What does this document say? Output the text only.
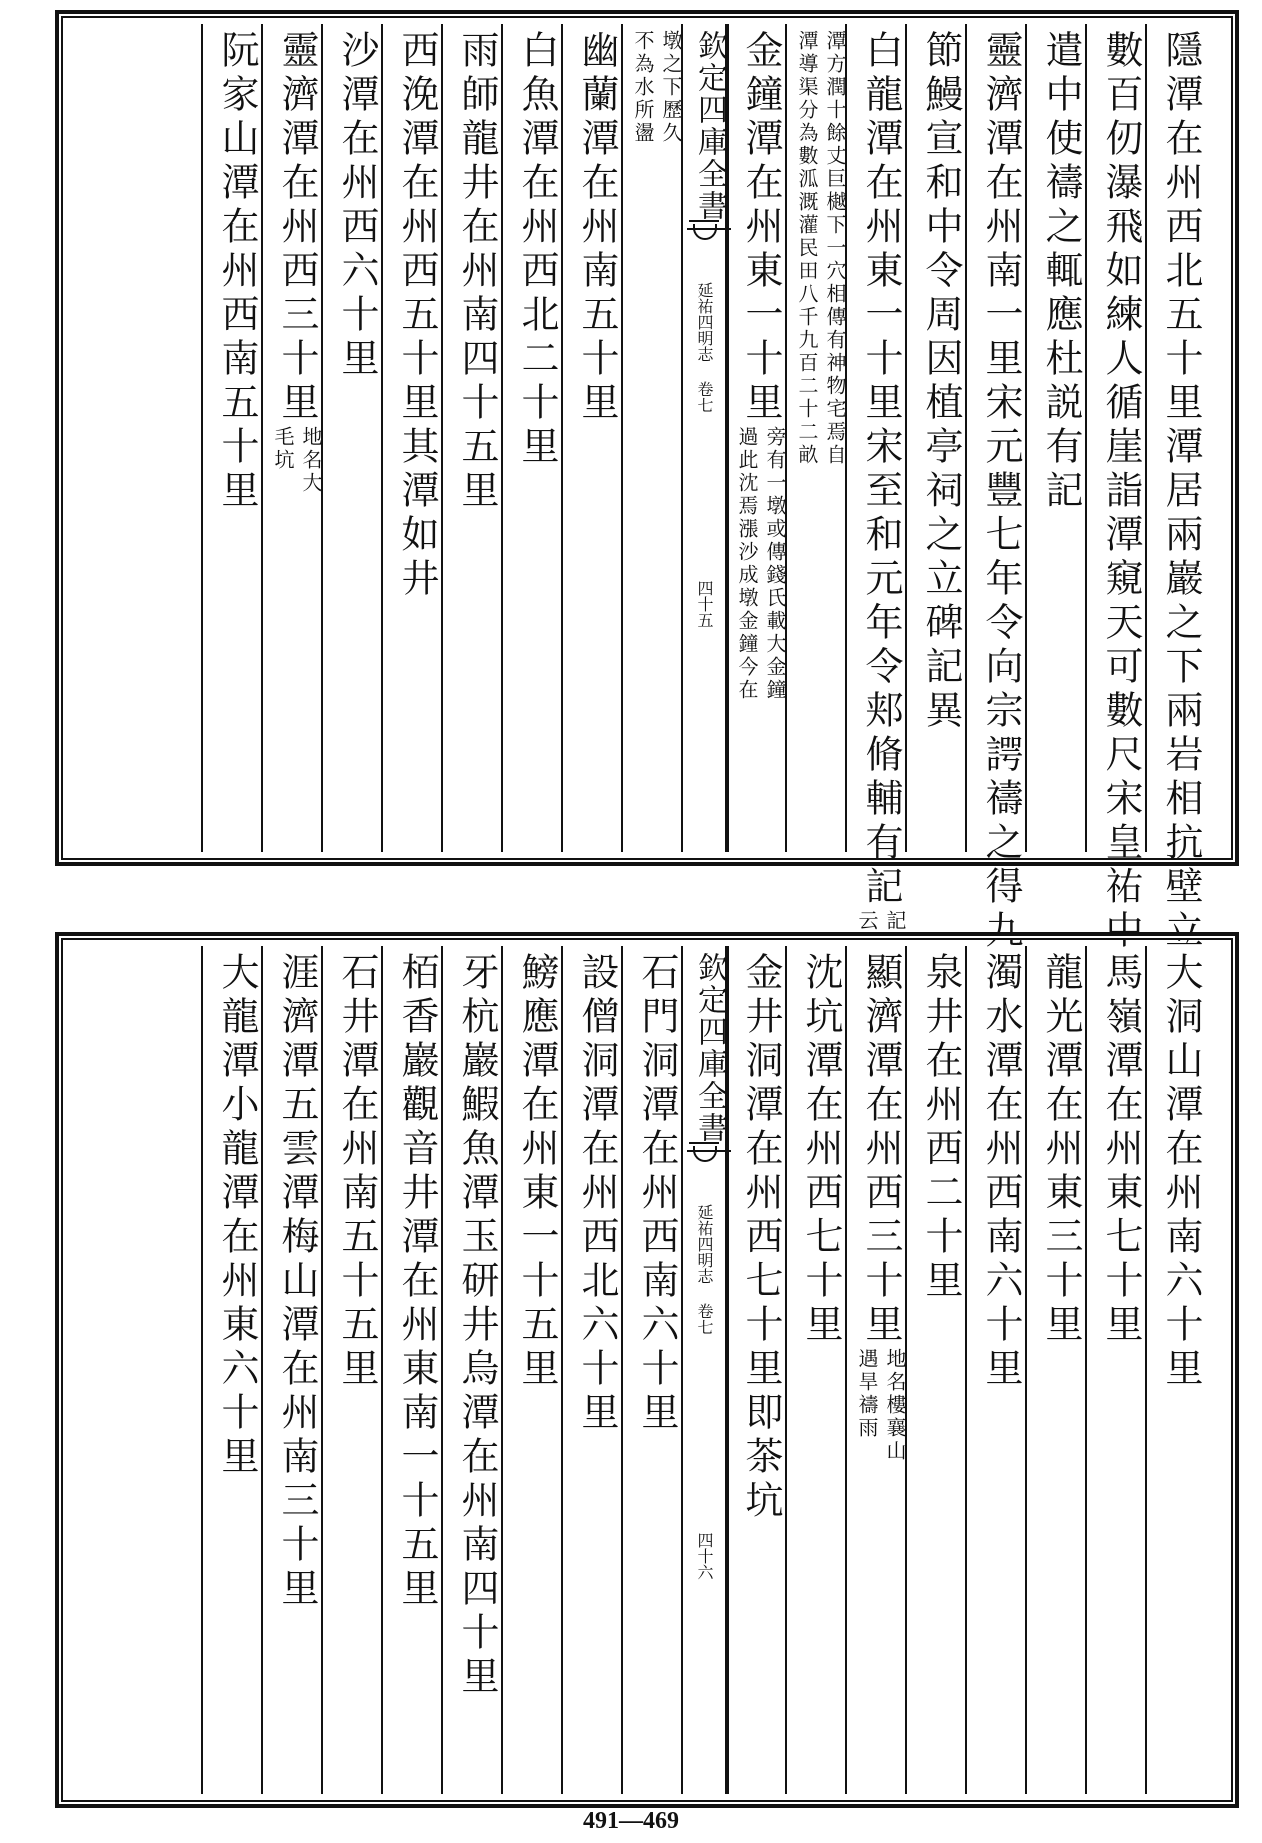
隱潭在州西北五十里潭居兩巖之下兩岩相抗壁立
數百仞瀑飛如練人循崖詣潭窺天可數尺宋皇祐中
遣中使禱之輒應杜説有記
靈濟潭在州南一里宋元豐七年令向宗諤禱之得九
節鰻宣和中令周因植亭祠之立碑記異
白龍潭在州東一十里宋至和元年令郏脩輔有記
記
云
潭方潤十餘丈巨樾下一穴相傳有神物宅焉自
潭導渠分為數泒溉灌民田八千九百二十二畝
金鐘潭在州東一十里
旁有一墩或傳錢氏載大金鐘
過此沈焉漲沙成墩金鐘今在
欽定四庫全書
延祐四明志 卷七
四十五
墩之下歷久
不為水所盪
幽蘭潭在州南五十里
白魚潭在州西北二十里
雨師龍井在州南四十五里
西浼潭在州西五十里其潭如井
沙潭在州西六十里
靈濟潭在州西三十里
地名大
毛坑
阮家山潭在州西南五十里
大洞山潭在州南六十里
馬嶺潭在州東七十里
龍光潭在州東三十里
濁水潭在州西南六十里
泉井在州西二十里
顯濟潭在州西三十里
地名樓襄山
遇旱禱雨
沈坑潭在州西七十里
金井洞潭在州西七十里即茶坑
欽定四庫全書
延祐四明志 卷七
四十六
石門洞潭在州西南六十里
設僧洞潭在州西北六十里
鰟應潭在州東一十五里
牙杭巖鰕魚潭玉研井烏潭在州南四十里
栢香巖觀音井潭在州東南一十五里
石井潭在州南五十五里
涯濟潭五雲潭梅山潭在州南三十里
大龍潭小龍潭在州東六十里
491—469
